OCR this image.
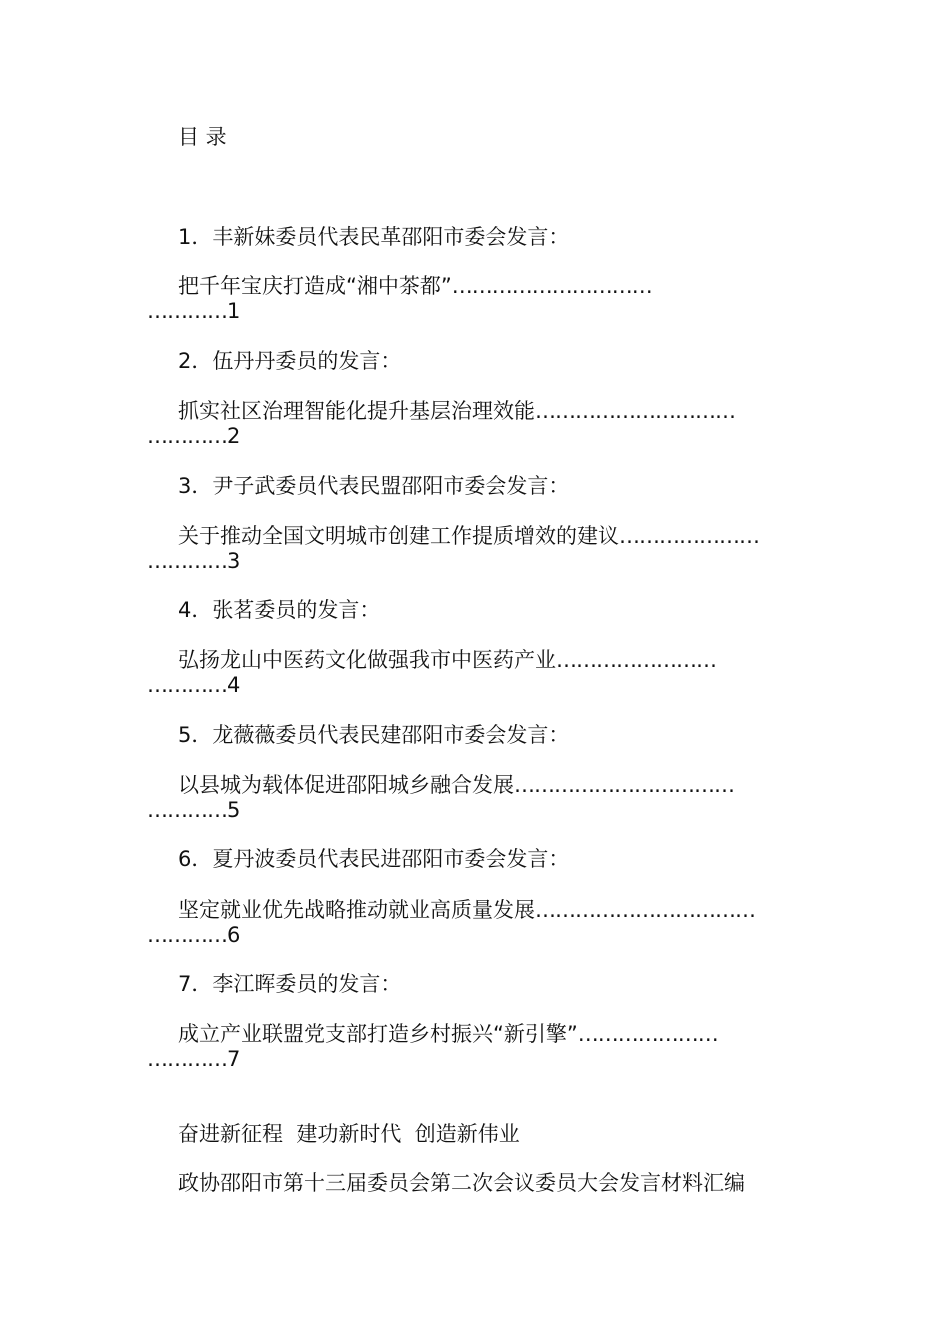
目 录
1．丰新妹委员代表民革邵阳市委会发言：
把千年宝庆打造成“湘中茶都”…………………………
…………1
2．伍丹丹委员的发言：
抓实社区治理智能化提升基层治理效能…………………………
…………2
3．尹子武委员代表民盟邵阳市委会发言：
关于推动全国文明城市创建工作提质增效的建议…………………
…………3
4．张茗委员的发言：
弘扬龙山中医药文化做强我市中医药产业……………………
…………4
5．龙薇薇委员代表民建邵阳市委会发言：
以县城为载体促进邵阳城乡融合发展……………………………
…………5
6．夏丹波委员代表民进邵阳市委会发言：
坚定就业优先战略推动就业高质量发展……………………………
…………6
7．李江晖委员的发言：
成立产业联盟党支部打造乡村振兴“新引擎”…………………
…………7
奋进新征程  建功新时代  创造新伟业
政协邵阳市第十三届委员会第二次会议委员大会发言材料汇编
